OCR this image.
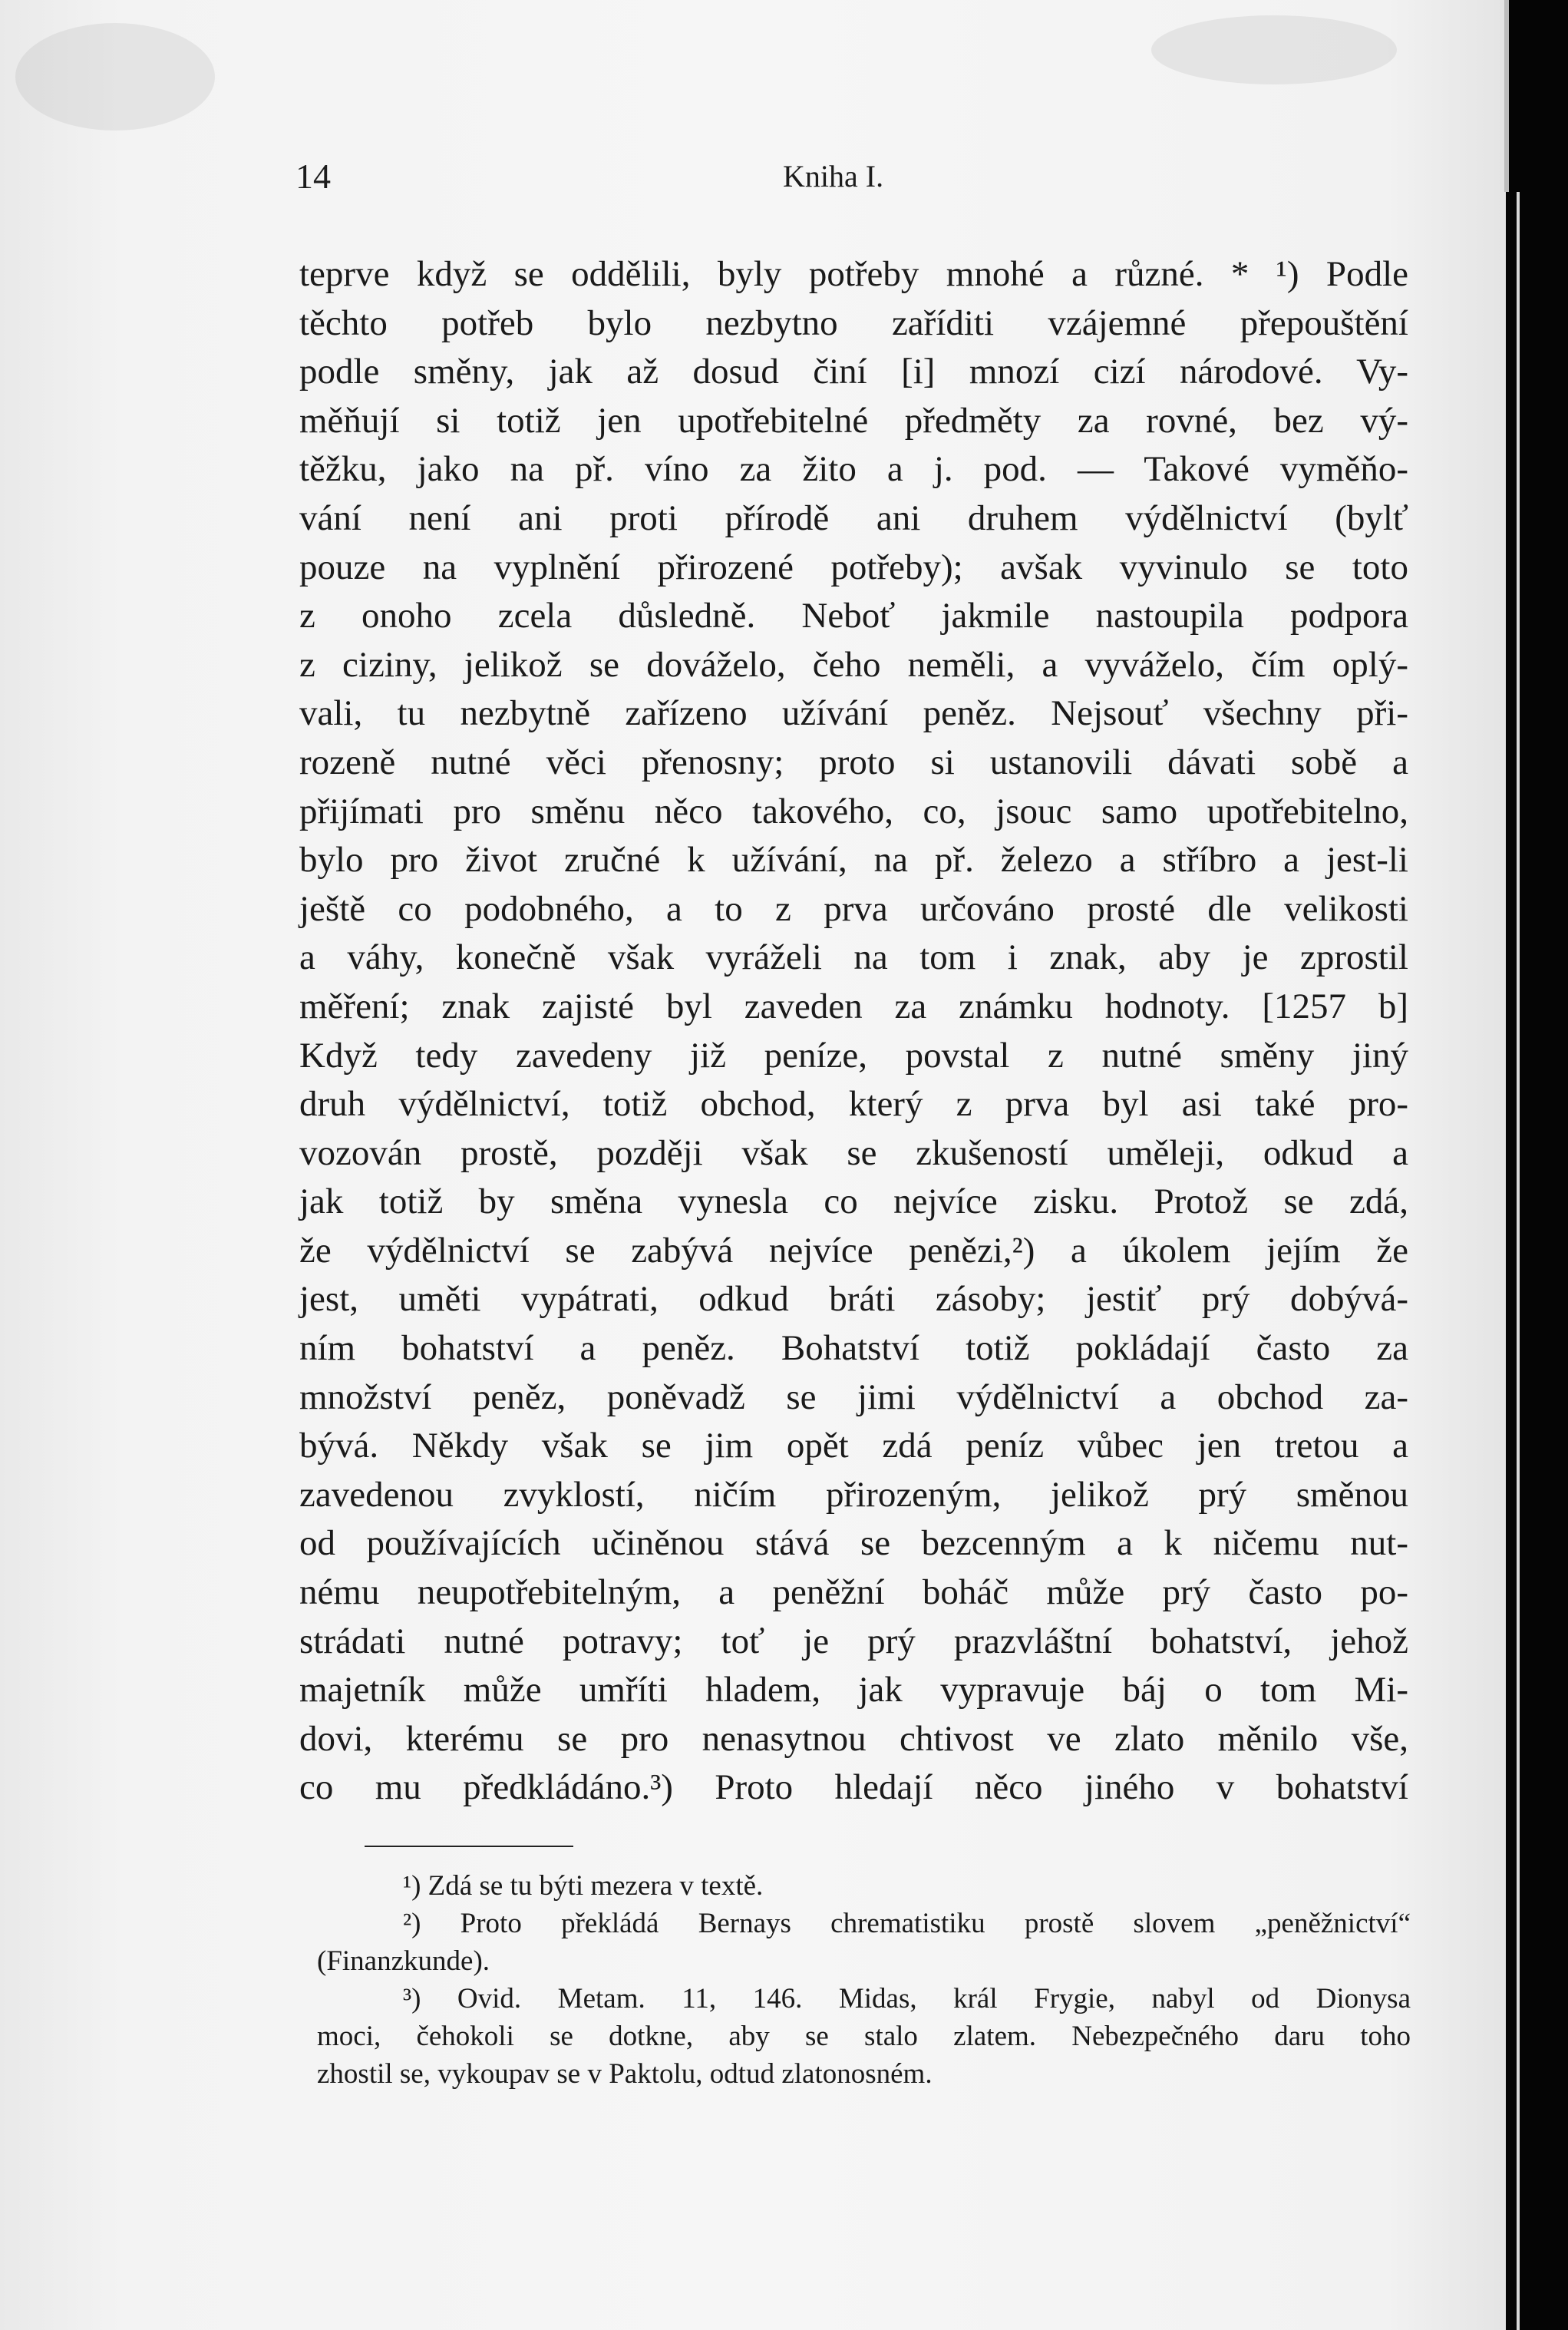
14	Kniha I.
teprve když se oddělili, byly potřeby mnohé a různé. * ¹) Podle
těchto potřeb bylo nezbytno zaříditi vzájemné přepouštění
podle směny, jak až dosud činí [i] mnozí cizí národové. Vy-
měňují si totiž jen upotřebitelné předměty za rovné, bez vý-
těžku, jako na př. víno za žito a j. pod. — Takové vyměňo-
vání není ani proti přírodě ani druhem výdělnictví (bylť
pouze na vyplnění přirozené potřeby); avšak vyvinulo se toto
z onoho zcela důsledně. Neboť jakmile nastoupila podpora
z ciziny, jelikož se dováželo, čeho neměli, a vyváželo, čím oplý-
vali, tu nezbytně zařízeno užívání peněz. Nejsouť všechny při-
rozeně nutné věci přenosny; proto si ustanovili dávati sobě a
přijímati pro směnu něco takového, co, jsouc samo upotřebitelno,
bylo pro život zručné k užívání, na př. železo a stříbro a jest-li
ještě co podobného, a to z prva určováno prosté dle velikosti
a váhy, konečně však vyráželi na tom i znak, aby je zprostil
měření; znak zajisté byl zaveden za známku hodnoty. [1257 b]
Když tedy zavedeny již peníze, povstal z nutné směny jiný
druh výdělnictví, totiž obchod, který z prva byl asi také pro-
vozován prostě, později však se zkušeností uměleji, odkud a
jak totiž by směna vynesla co nejvíce zisku. Protož se zdá,
že výdělnictví se zabývá nejvíce penězi,²) a úkolem jejím že
jest, uměti vypátrati, odkud bráti zásoby; jestiť prý dobývá-
ním bohatství a peněz. Bohatství totiž pokládají často za
množství peněz, poněvadž se jimi výdělnictví a obchod za-
bývá. Někdy však se jim opět zdá peníz vůbec jen tretou a
zavedenou zvyklostí, ničím přirozeným, jelikož prý směnou
od používajících učiněnou stává se bezcenným a k ničemu nut-
nému neupotřebitelným, a peněžní boháč může prý často po-
strádati nutné potravy; toť je prý prazvláštní bohatství, jehož
majetník může umříti hladem, jak vypravuje báj o tom Mi-
dovi, kterému se pro nenasytnou chtivost ve zlato měnilo vše,
co mu předkládáno.³) Proto hledají něco jiného v bohatství
¹) Zdá se tu býti mezera v textě.
²) Proto překládá Bernays chrematistiku prostě slovem „peněžnictví“
(Finanzkunde).
³) Ovid. Metam. 11, 146. Midas, král Frygie, nabyl od Dionysa
moci, čehokoli se dotkne, aby se stalo zlatem. Nebezpečného daru toho
zhostil se, vykoupav se v Paktolu, odtud zlatonosném.
